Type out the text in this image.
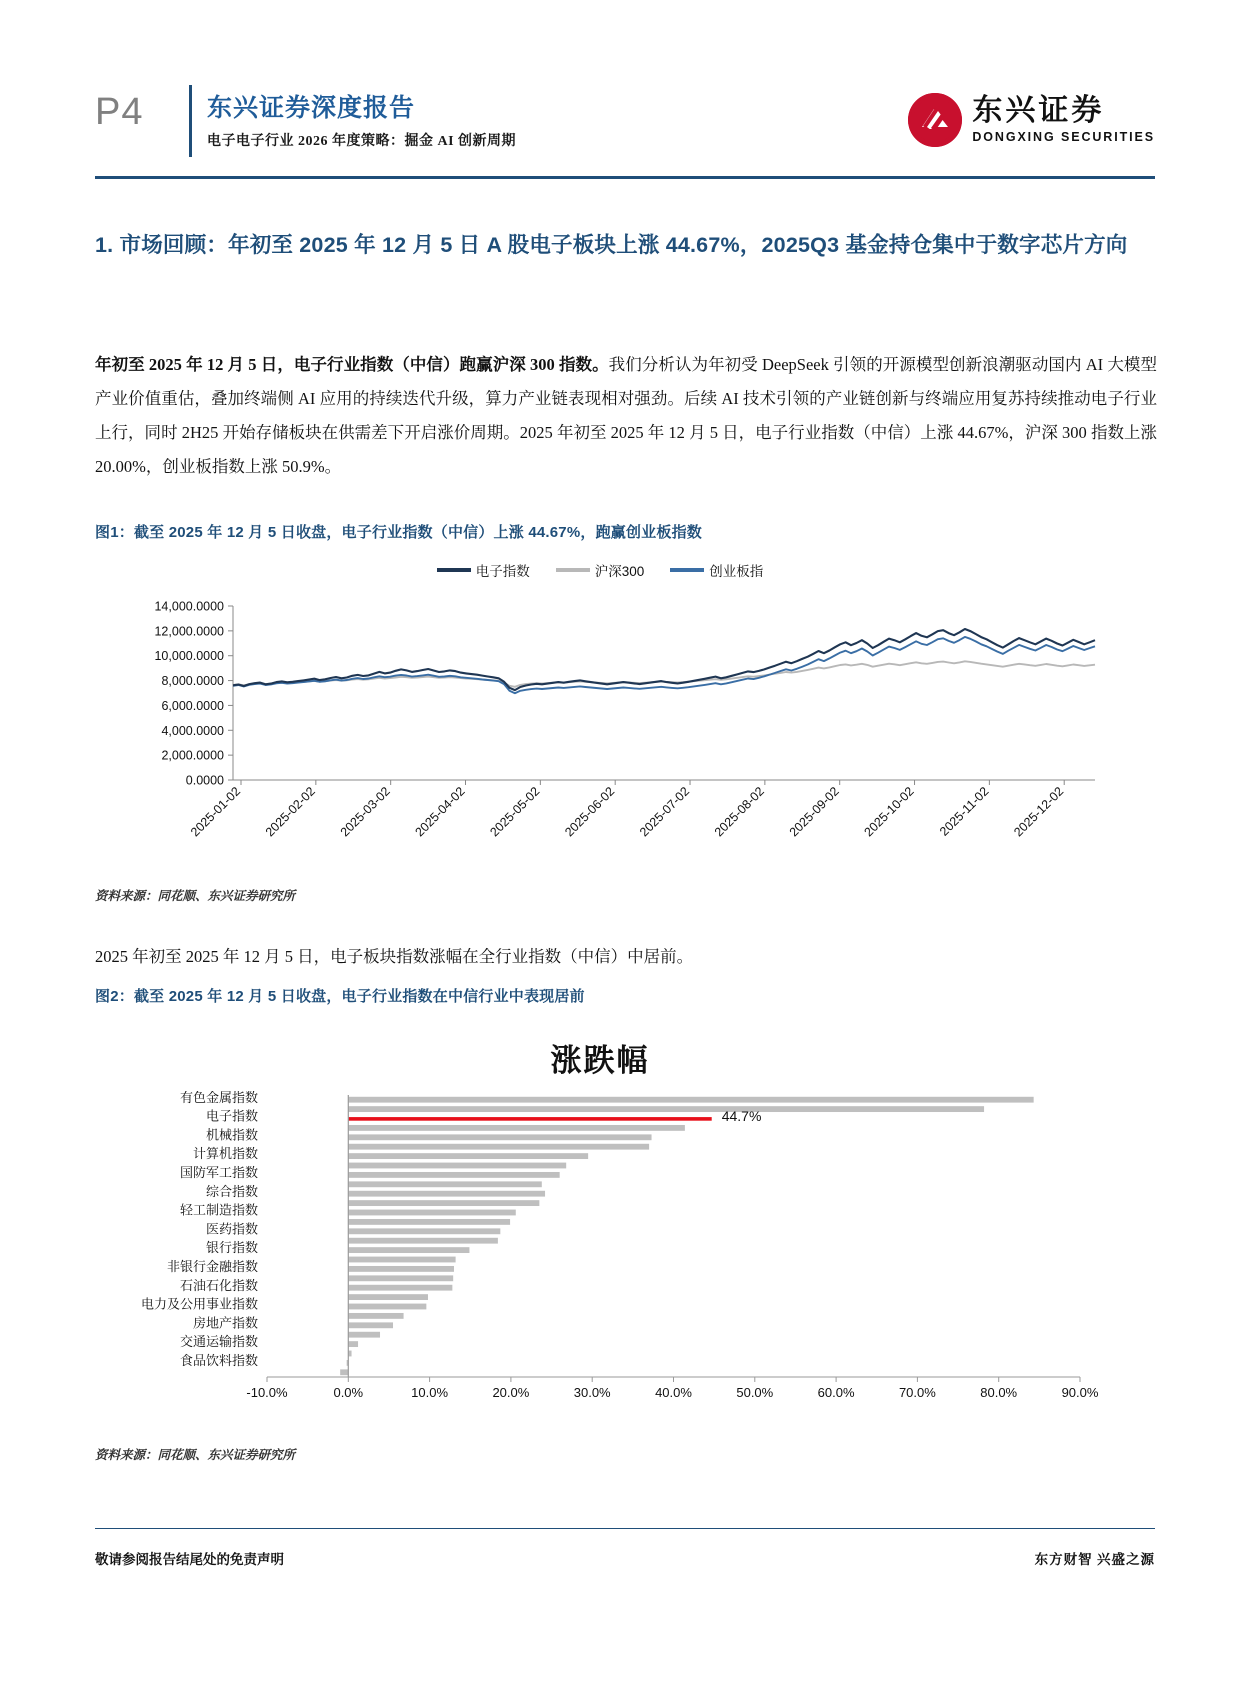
P4	东兴证券深度报告
电子电子行业 2026 年度策略：掘金 AI 创新周期
东兴证券
DONGXING SECURITIES
1. 市场回顾：年初至 2025 年 12 月 5 日 A 股电子板块上涨 44.67%，2025Q3 基金持仓集中于数字芯片方向
年初至 2025 年 12 月 5 日，电子行业指数（中信）跑赢沪深 300 指数。我们分析认为年初受 DeepSeek 引领的开源模型创新浪潮驱动国内 AI 大模型产业价值重估，叠加终端侧 AI 应用的持续迭代升级，算力产业链表现相对强劲。后续 AI 技术引领的产业链创新与终端应用复苏持续推动电子行业上行，同时 2H25 开始存储板块在供需差下开启涨价周期。2025 年初至 2025 年 12 月 5 日，电子行业指数（中信）上涨 44.67%，沪深 300 指数上涨 20.00%，创业板指数上涨 50.9%。
图1：截至 2025 年 12 月 5 日收盘，电子行业指数（中信）上涨 44.67%，跑赢创业板指数
电子指数	沪深300	创业板指
0.0000
2,000.0000
4,000.0000
6,000.0000
8,000.0000
10,000.0000
12,000.0000
14,000.0000
2025-01-02 2025-02-02 2025-03-02 2025-04-02 2025-05-02 2025-06-02 2025-07-02 2025-08-02 2025-09-02 2025-10-02 2025-11-02 2025-12-02
资料来源：同花顺、东兴证券研究所
2025 年初至 2025 年 12 月 5 日，电子板块指数涨幅在全行业指数（中信）中居前。
图2：截至 2025 年 12 月 5 日收盘，电子行业指数在中信行业中表现居前
涨跌幅
有色金属指数
44.7%
电子指数
机械指数
计算机指数
国防军工指数
综合指数
轻工制造指数
医药指数
银行指数
非银行金融指数
石油石化指数
电力及公用事业指数
房地产指数
交通运输指数
食品饮料指数
-10.0%	0.0%	10.0%	20.0%	30.0%	40.0%	50.0%	60.0%	70.0%	80.0%	90.0%
资料来源：同花顺、东兴证券研究所
敬请参阅报告结尾处的免责声明	东方财智 兴盛之源
